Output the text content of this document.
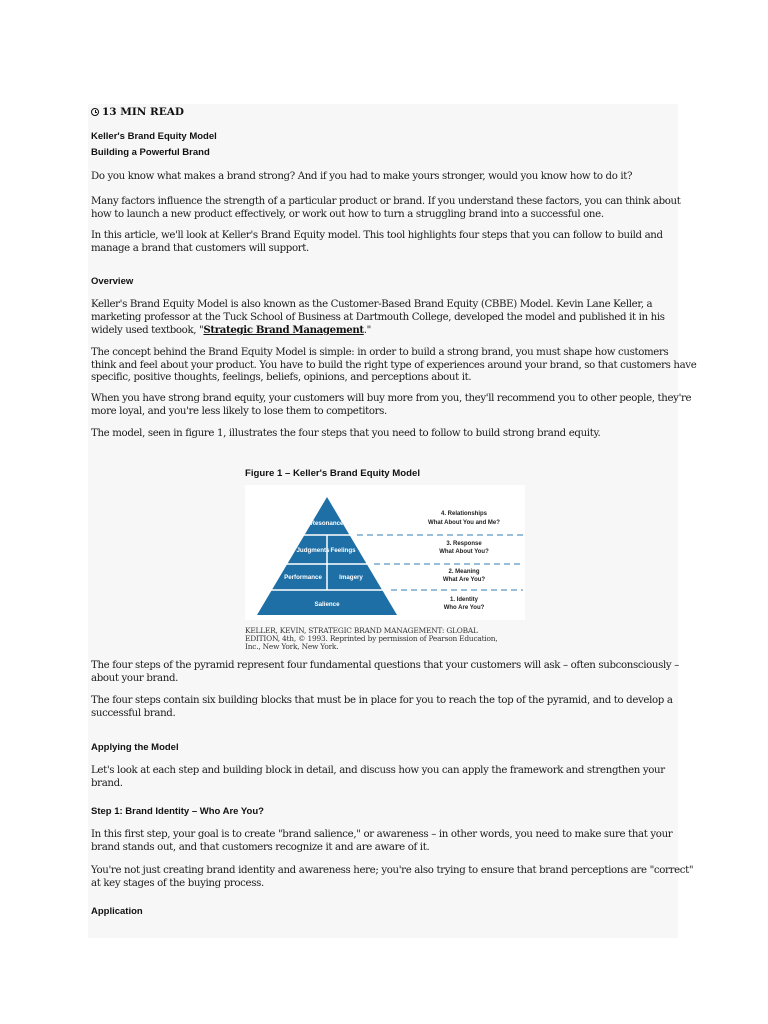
13 MIN READ
Keller's Brand Equity Model
Building a Powerful Brand
Do you know what makes a brand strong? And if you had to make yours stronger, would you know how to do it?
Many factors influence the strength of a particular product or brand. If you understand these factors, you can think about
how to launch a new product effectively, or work out how to turn a struggling brand into a successful one.
In this article, we'll look at Keller's Brand Equity model. This tool highlights four steps that you can follow to build and
manage a brand that customers will support.
Overview
Keller's Brand Equity Model is also known as the Customer-Based Brand Equity (CBBE) Model. Kevin Lane Keller, a
marketing professor at the Tuck School of Business at Dartmouth College, developed the model and published it in his
widely used textbook, "Strategic Brand Management."
The concept behind the Brand Equity Model is simple: in order to build a strong brand, you must shape how customers
think and feel about your product. You have to build the right type of experiences around your brand, so that customers have
specific, positive thoughts, feelings, beliefs, opinions, and perceptions about it.
When you have strong brand equity, your customers will buy more from you, they'll recommend you to other people, they're
more loyal, and you're less likely to lose them to competitors.
The model, seen in figure 1, illustrates the four steps that you need to follow to build strong brand equity.
Figure 1 – Keller's Brand Equity Model
Resonance
Judgments Feelings
Performance	Imagery
Salience
4. Relationships
What About You and Me?
3. Response
What About You?
2. Meaning
What Are You?
1. Identity
Who Are You?
KELLER, KEVIN, STRATEGIC BRAND MANAGEMENT: GLOBAL
EDITION, 4th, © 1993. Reprinted by permission of Pearson Education,
Inc., New York, New York.
The four steps of the pyramid represent four fundamental questions that your customers will ask – often subconsciously –
about your brand.
The four steps contain six building blocks that must be in place for you to reach the top of the pyramid, and to develop a
successful brand.
Applying the Model
Let's look at each step and building block in detail, and discuss how you can apply the framework and strengthen your
brand.
Step 1: Brand Identity – Who Are You?
In this first step, your goal is to create "brand salience," or awareness – in other words, you need to make sure that your
brand stands out, and that customers recognize it and are aware of it.
You're not just creating brand identity and awareness here; you're also trying to ensure that brand perceptions are "correct"
at key stages of the buying process.
Application
